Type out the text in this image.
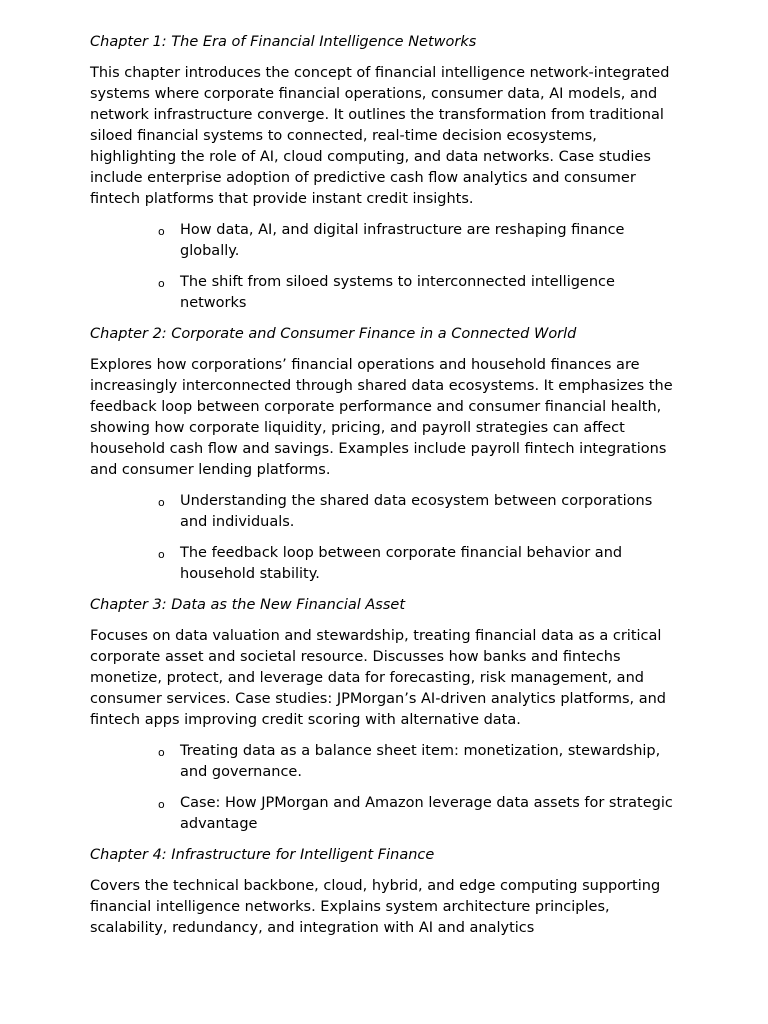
Chapter 1: The Era of Financial Intelligence Networks

This chapter introduces the concept of financial intelligence network-integrated systems where corporate financial operations, consumer data, AI models, and network infrastructure converge. It outlines the transformation from traditional siloed financial systems to connected, real-time decision ecosystems, highlighting the role of AI, cloud computing, and data networks. Case studies include enterprise adoption of predictive cash flow analytics and consumer fintech platforms that provide instant credit insights.

o How data, AI, and digital infrastructure are reshaping finance globally.
o The shift from siloed systems to interconnected intelligence networks

Chapter 2: Corporate and Consumer Finance in a Connected World

Explores how corporations’ financial operations and household finances are increasingly interconnected through shared data ecosystems. It emphasizes the feedback loop between corporate performance and consumer financial health, showing how corporate liquidity, pricing, and payroll strategies can affect household cash flow and savings. Examples include payroll fintech integrations and consumer lending platforms.

o Understanding the shared data ecosystem between corporations and individuals.
o The feedback loop between corporate financial behavior and household stability.

Chapter 3: Data as the New Financial Asset

Focuses on data valuation and stewardship, treating financial data as a critical corporate asset and societal resource. Discusses how banks and fintechs monetize, protect, and leverage data for forecasting, risk management, and consumer services. Case studies: JPMorgan’s AI-driven analytics platforms, and fintech apps improving credit scoring with alternative data.

o Treating data as a balance sheet item: monetization, stewardship, and governance.
o Case: How JPMorgan and Amazon leverage data assets for strategic advantage

Chapter 4: Infrastructure for Intelligent Finance

Covers the technical backbone, cloud, hybrid, and edge computing supporting financial intelligence networks. Explains system architecture principles, scalability, redundancy, and integration with AI and analytics
